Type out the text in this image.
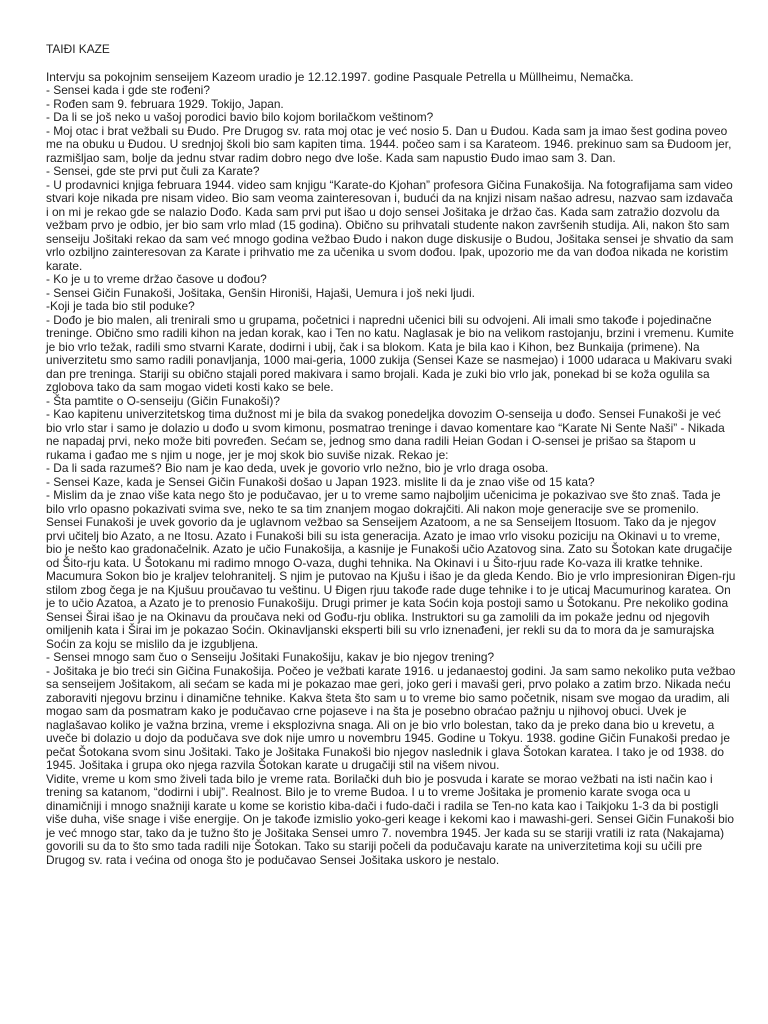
TAIĐI KAZE

Intervju sa pokojnim senseijem Kazeom uradio je 12.12.1997. godine Pasquale Petrella u Müllheimu, Nemačka.

- Sensei kada i gde ste rođeni?

- Rođen sam 9. februara 1929. Tokijo, Japan.

- Da li se još neko u vašoj porodici bavio bilo kojom borilačkom veštinom?

- Moj otac i brat vežbali su Đudo. Pre Drugog sv. rata moj otac je već nosio 5. Dan u Đudou. Kada sam ja imao šest godina poveo me na obuku u Đudou. U srednjoj školi bio sam kapiten tima. 1944. počeo sam i sa Karateom. 1946. prekinuo sam sa Đudoom jer, razmišljao sam, bolje da jednu stvar radim dobro nego dve loše. Kada sam napustio Đudo imao sam 3. Dan.

- Sensei, gde ste prvi put čuli za Karate?

- U prodavnici knjiga februara 1944. video sam knjigu “Karate-do Kjohan” profesora Gičina Funakošija. Na fotografijama sam video stvari koje nikada pre nisam video. Bio sam veoma zainteresovan i, budući da na knjizi nisam našao adresu, nazvao sam izdavača i on mi je rekao gde se nalazio Dođo. Kada sam prvi put išao u dojo sensei Jošitaka je držao čas. Kada sam zatražio dozvolu da vežbam prvo je odbio, jer bio sam vrlo mlad (15 godina). Obično su prihvatali studente nakon završenih studija. Ali, nakon što sam senseiju Jošitaki rekao da sam već mnogo godina vežbao Đudo i nakon duge diskusije o Budou, Jošitaka sensei je shvatio da sam vrlo ozbiljno zainteresovan za Karate i prihvatio me za učenika u svom dođou. Ipak, upozorio me da van dođoa nikada ne koristim karate.

- Ko je u to vreme držao časove u dođou?

- Sensei Gičin Funakoši, Jošitaka, Genšin Hironiši, Hajaši, Uemura i još neki ljudi.

-Koji je tada bio stil poduke?

- Dođo je bio malen, ali trenirali smo u grupama, početnici i napredni učenici bili su odvojeni. Ali imali smo takođe i pojedinačne treninge. Obično smo radili kihon na jedan korak, kao i Ten no katu. Naglasak je bio na velikom rastojanju, brzini i vremenu. Kumite je bio vrlo težak, radili smo stvarni Karate, dodirni i ubij, čak i sa blokom. Kata je bila kao i Kihon, bez Bunkaija (primene). Na univerzitetu smo samo radili ponavljanja, 1000 mai-geria, 1000 zukija (Sensei Kaze se nasmejao) i 1000 udaraca u Makivaru svaki dan pre treninga. Stariji su obično stajali pored makivara i samo brojali. Kada je zuki bio vrlo jak, ponekad bi se koža ogulila sa zglobova tako da sam mogao videti kosti kako se bele.

- Šta pamtite o O-senseiju (Gičin Funakoši)?

- Kao kapitenu univerzitetskog tima dužnost mi je bila da svakog ponedeljka dovozim O-senseija u dođo. Sensei Funakoši je već bio vrlo star i samo je dolazio u dođo u svom kimonu, posmatrao treninge i davao komentare kao “Karate Ni Sente Naši” - Nikada ne napadaj prvi, neko može biti povređen. Sećam se, jednog smo dana radili Heian Godan i O-sensei je prišao sa štapom u rukama i gađao me s njim u noge, jer je moj skok bio suviše nizak. Rekao je:

- Da li sada razumeš? Bio nam je kao deda, uvek je govorio vrlo nežno, bio je vrlo draga osoba.

- Sensei Kaze, kada je Sensei Gičin Funakoši došao u Japan 1923. mislite li da je znao više od 15 kata?

- Mislim da je znao više kata nego što je podučavao, jer u to vreme samo najboljim učenicima je pokazivao sve što znaš. Tada je bilo vrlo opasno pokazivati svima sve, neko te sa tim znanjem mogao dokrajčiti. Ali nakon moje generacije sve se promenilo. Sensei Funakoši je uvek govorio da je uglavnom vežbao sa Senseijem Azatoom, a ne sa Senseijem Itosuom. Tako da je njegov prvi učitelj bio Azato, a ne Itosu. Azato i Funakoši bili su ista generacija. Azato je imao vrlo visoku poziciju na Okinavi u to vreme, bio je nešto kao gradonačelnik. Azato je učio Funakošija, a kasnije je Funakoši učio Azatovog sina. Zato su Šotokan kate drugačije od Šito-rju kata. U Šotokanu mi radimo mnogo O-vaza, dughi tehnika. Na Okinavi i u Šito-rjuu rade Ko-vaza ili kratke tehnike. Macumura Sokon bio je kraljev telohranitelj. S njim je putovao na Kjušu i išao je da gleda Kendo. Bio je vrlo impresioniran Đigen-rju stilom zbog čega je na Kjušuu proučavao tu veštinu. U Đigen rjuu takođe rade duge tehnike i to je uticaj Macumurinog karatea. On je to učio Azatoa, a Azato je to prenosio Funakošiju. Drugi primer je kata Soćin koja postoji samo u Šotokanu. Pre nekoliko godina Sensei Širai išao je na Okinavu da proučava neki od Gođu-rju oblika. Instruktori su ga zamolili da im pokaže jednu od njegovih omiljenih kata i Širai im je pokazao Soćin. Okinavljanski eksperti bili su vrlo iznenađeni, jer rekli su da to mora da je samurajska Soćin za koju se mislilo da je izgubljena.

- Sensei mnogo sam čuo o Senseiju Jošitaki Funakošiju, kakav je bio njegov trening?

- Jošitaka je bio treći sin Gičina Funakošija. Počeo je vežbati karate 1916. u jedanaestoj godini. Ja sam samo nekoliko puta vežbao sa senseijem Jošitakom, ali sećam se kada mi je pokazao mae geri, joko geri i mavaši geri, prvo polako a zatim brzo. Nikada neću zaboraviti njegovu brzinu i dinamične tehnike. Kakva šteta što sam u to vreme bio samo početnik, nisam sve mogao da uradim, ali mogao sam da posmatram kako je podučavao crne pojaseve i na šta je posebno obraćao pažnju u njihovoj obuci. Uvek je naglašavao koliko je važna brzina, vreme i eksplozivna snaga. Ali on je bio vrlo bolestan, tako da je preko dana bio u krevetu, a uveče bi dolazio u dojo da podučava sve dok nije umro u novembru 1945. Godine u Tokyu. 1938. godine Gičin Funakoši predao je pečat Šotokana svom sinu Jošitaki. Tako je Jošitaka Funakoši bio njegov naslednik i glava Šotokan karateа. I tako je od 1938. do 1945. Jošitaka i grupa oko njega razvila Šotokan karate u drugačiji stil na višem nivou.

Vidite, vreme u kom smo živeli tada bilo je vreme rata. Borilački duh bio je posvuda i karate se morao vežbati na isti način kao i trening sa katanom, “dodirni i ubij”. Realnost. Bilo je to vreme Budoa. I u to vreme Jošitaka je promenio karate svoga oca u dinamičniji i mnogo snažniji karate u kome se koristio kiba-dači i fudo-dači i radila se Ten-no kata kao i Taikjoku 1-3 da bi postigli više duha, više snage i više energije. On je takođe izmislio yoko-geri keage i kekomi kao i mawashi-geri. Sensei Gičin Funakoši bio je već mnogo star, tako da je tužno što je Jošitaka Sensei umro 7. novembra 1945. Jer kada su se stariji vratili iz rata (Nakajama) govorili su da to što smo tada radili nije Šotokan. Tako su stariji počeli da podučavaju karate na univerzitetima koji su učili pre Drugog sv. rata i većina od onoga što je podučavao Sensei Jošitaka uskoro je nestalo.
